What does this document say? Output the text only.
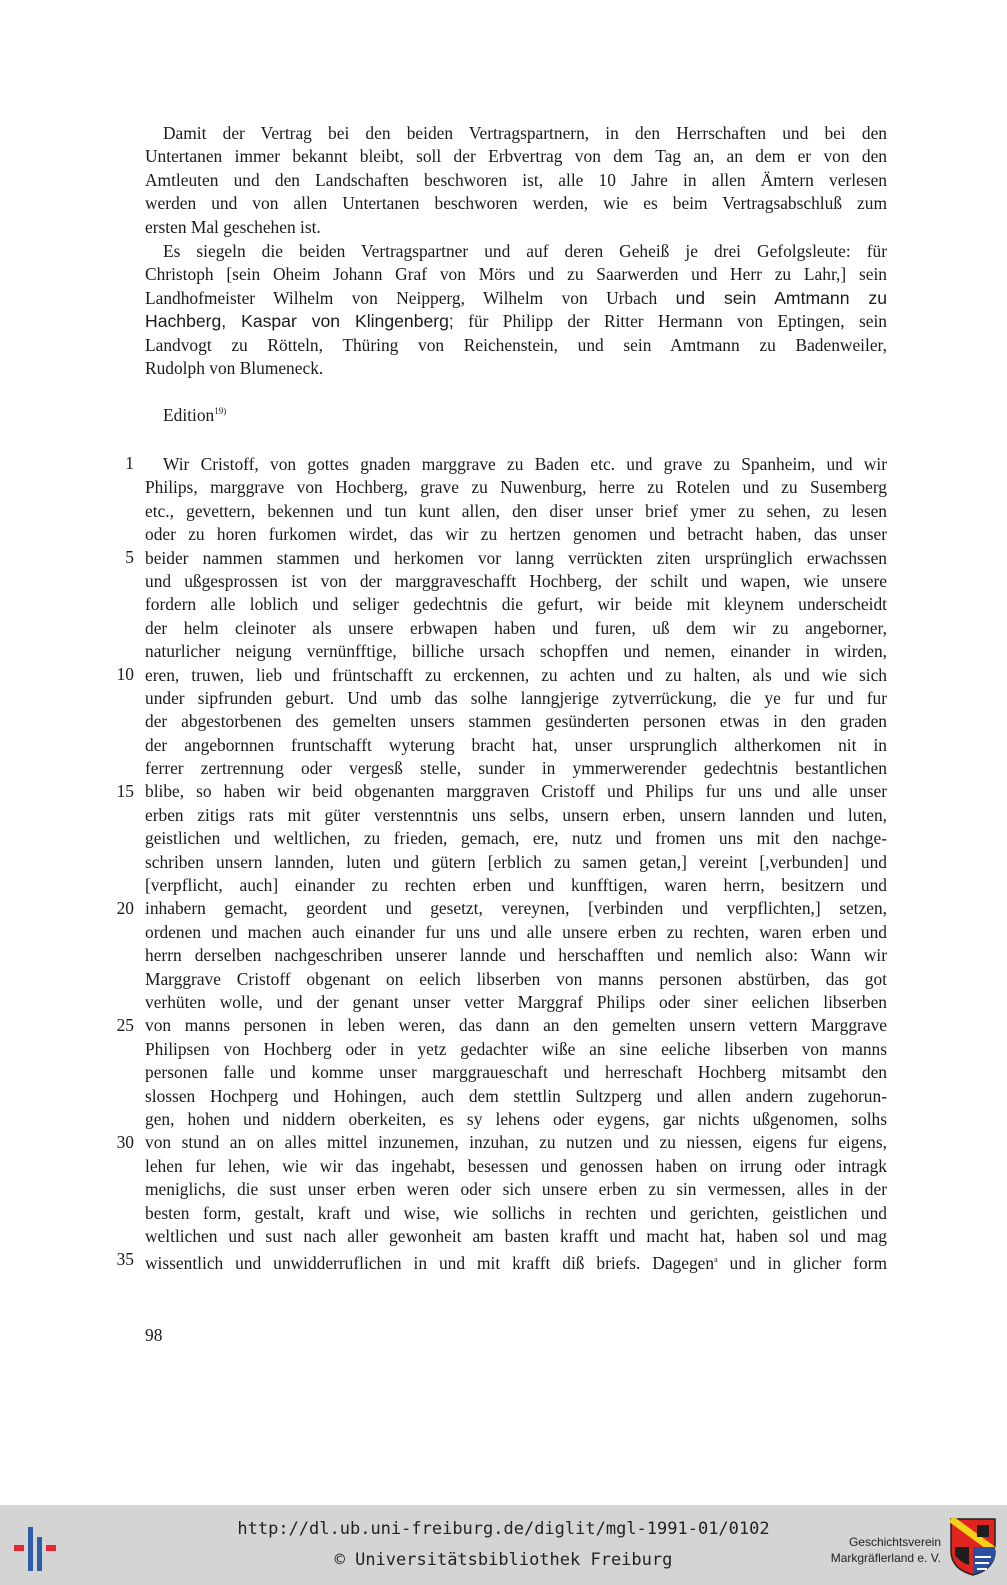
Damit der Vertrag bei den beiden Vertragspartnern, in den Herrschaften und bei den
Untertanen immer bekannt bleibt, soll der Erbvertrag von dem Tag an, an dem er von den
Amtleuten und den Landschaften beschworen ist, alle 10 Jahre in allen Ämtern verlesen
werden und von allen Untertanen beschworen werden, wie es beim Vertragsabschluß zum
ersten Mal geschehen ist.
Es siegeln die beiden Vertragspartner und auf deren Geheiß je drei Gefolgsleute: für
Christoph [sein Oheim Johann Graf von Mörs und zu Saarwerden und Herr zu Lahr,] sein
Landhofmeister Wilhelm von Neipperg, Wilhelm von Urbach und sein Amtmann zu
Hachberg, Kaspar von Klingenberg; für Philipp der Ritter Hermann von Eptingen, sein
Landvogt zu Rötteln, Thüring von Reichenstein, und sein Amtmann zu Badenweiler,
Rudolph von Blumeneck.
Edition$^{19)}$
Wir Cristoff, von gottes gnaden marggrave zu Baden etc. und grave zu Spanheim, und wir
Philips, marggrave von Hochberg, grave zu Nuwenburg, herre zu Rotelen und zu Susemberg
etc., gevettern, bekennen und tun kunt allen, den diser unser brief ymer zu sehen, zu lesen
oder zu horen furkomen wirdet, das wir zu hertzen genomen und betracht haben, das unser
beider nammen stammen und herkomen vor lanng verrückten ziten ursprünglich erwachssen
und ußgesprossen ist von der marggraveschafft Hochberg, der schilt und wapen, wie unsere
fordern alle loblich und seliger gedechtnis die gefurt, wir beide mit kleynem underscheidt
der helm cleinoter als unsere erbwapen haben und furen, uß dem wir zu angeborner,
naturlicher neigung vernünfftige, billiche ursach schopffen und nemen, einander in wirden,
eren, truwen, lieb und früntschafft zu erckennen, zu achten und zu halten, als und wie sich
under sipfrunden geburt. Und umb das solhe lanngjerige zytverrückung, die ye fur und fur
der abgestorbenen des gemelten unsers stammen gesünderten personen etwas in den graden
der angebornnen fruntschafft wyterung bracht hat, unser ursprunglich altherkomen nit in
ferrer zertrennung oder vergesß stelle, sunder in ymmerwerender gedechtnis bestantlichen
blibe, so haben wir beid obgenanten marggraven Cristoff und Philips fur uns und alle unser
erben zitigs rats mit güter verstenntnis uns selbs, unsern erben, unsern lannden und luten,
geistlichen und weltlichen, zu frieden, gemach, ere, nutz und fromen uns mit den nachge-
schriben unsern lannden, luten und gütern [erblich zu samen getan,] vereint [,verbunden] und
[verpflicht, auch] einander zu rechten erben und kunfftigen, waren herrn, besitzern und
inhabern gemacht, geordent und gesetzt, vereynen, [verbinden und verpflichten,] setzen,
ordenen und machen auch einander fur uns und alle unsere erben zu rechten, waren erben und
herrn derselben nachgeschriben unserer lannde und herschafften und nemlich also: Wann wir
Marggrave Cristoff obgenant on eelich libserben von manns personen abstürben, das got
verhüten wolle, und der genant unser vetter Marggraf Philips oder siner eelichen libserben
von manns personen in leben weren, das dann an den gemelten unsern vettern Marggrave
Philipsen von Hochberg oder in yetz gedachter wiße an sine eeliche libserben von manns
personen falle und komme unser marggraueschaft und herreschaft Hochberg mitsambt den
slossen Hochperg und Hohingen, auch dem stettlin Sultzperg und allen andern zugehorun-
gen, hohen und niddern oberkeiten, es sy lehens oder eygens, gar nichts ußgenomen, solhs
von stund an on alles mittel inzunemen, inzuhan, zu nutzen und zu niessen, eigens fur eigens,
lehen fur lehen, wie wir das ingehabt, besessen und genossen haben on irrung oder intragk
meniglichs, die sust unser erben weren oder sich unsere erben zu sin vermessen, alles in der
besten form, gestalt, kraft und wise, wie sollichs in rechten und gerichten, geistlichen und
weltlichen und sust nach aller gewonheit am basten krafft und macht hat, haben sol und mag
wissentlich und unwidderruflichen in und mit krafft diß briefs. Dagegen$^a$ und in glicher form
1
5
10
15
20
25
30
35
98
http://dl.ub.uni-freiburg.de/diglit/mgl-1991-01/0102
© Universitätsbibliothek Freiburg
Geschichtsverein
Markgräflerland e. V.
